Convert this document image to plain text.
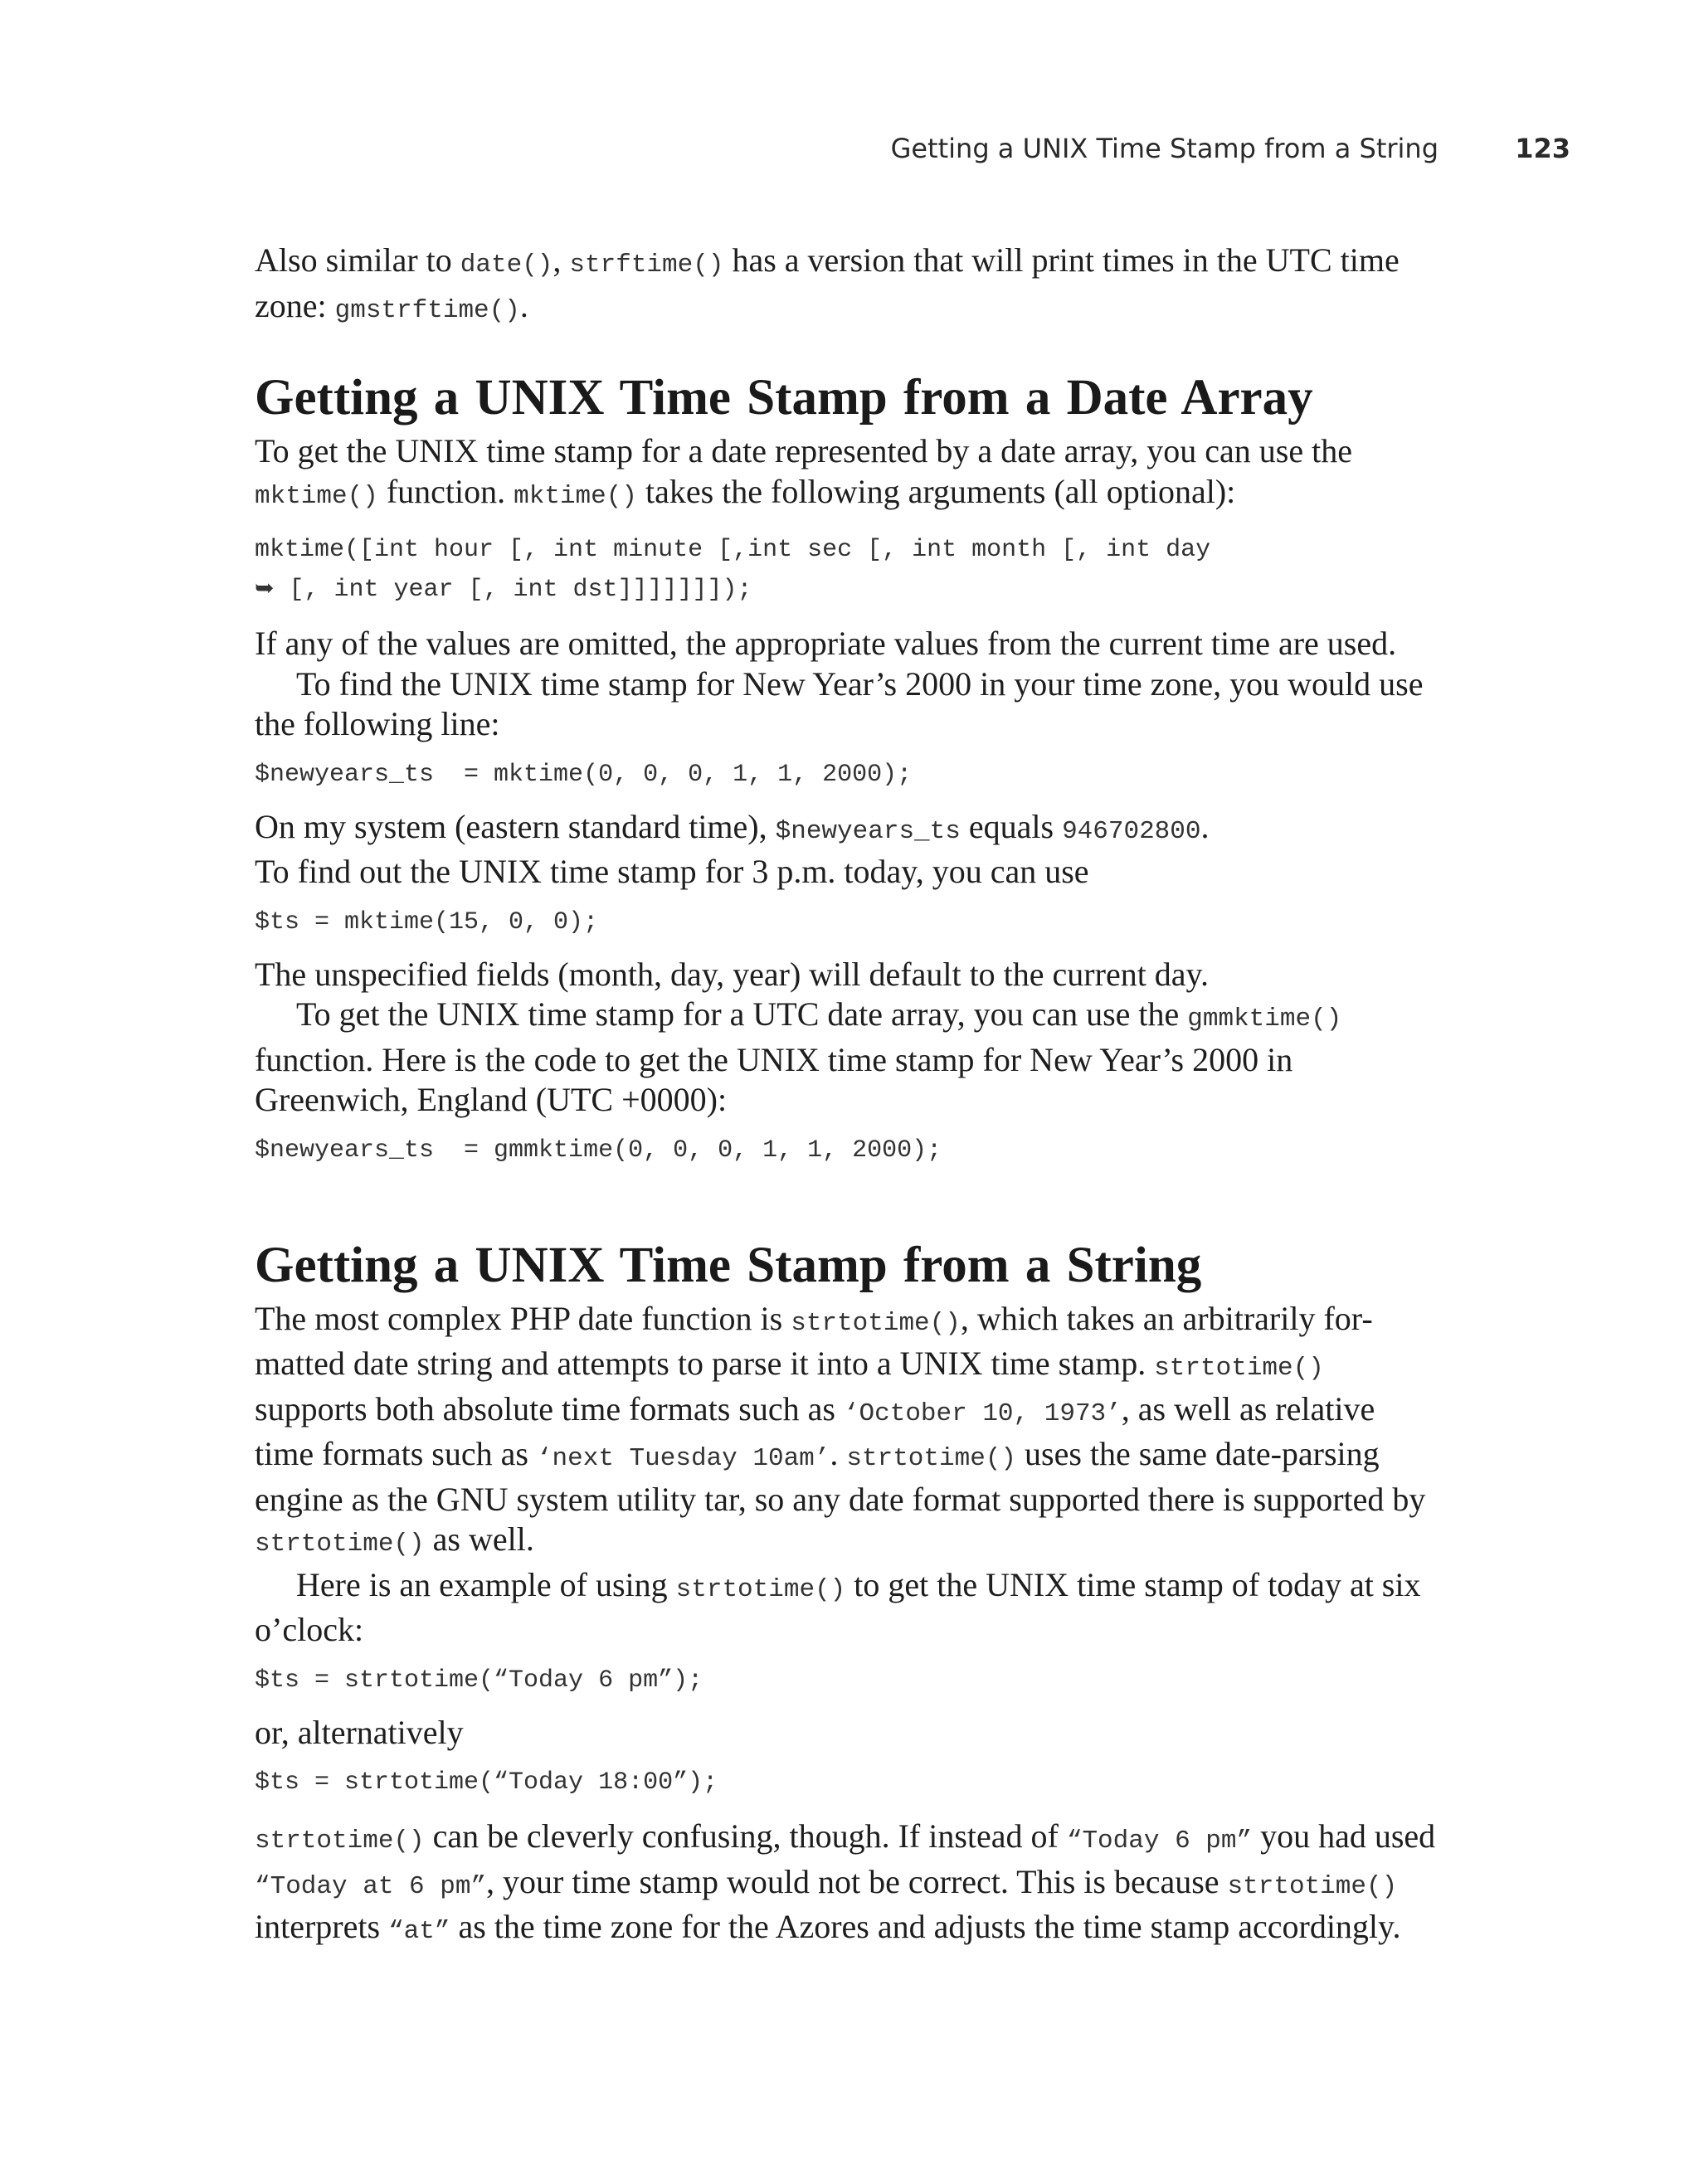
Getting a UNIX Time Stamp from a String	123

Also similar to date(), strftime() has a version that will print times in the UTC time zone: gmstrftime().

Getting a UNIX Time Stamp from a Date Array

To get the UNIX time stamp for a date represented by a date array, you can use the mktime() function. mktime() takes the following arguments (all optional):

mktime([int hour [, int minute [,int sec [, int month [, int day
➥ [, int year [, int dst]]]]]]]);

If any of the values are omitted, the appropriate values from the current time are used.

To find the UNIX time stamp for New Year’s 2000 in your time zone, you would use the following line:

$newyears_ts  = mktime(0, 0, 0, 1, 1, 2000);

On my system (eastern standard time), $newyears_ts equals 946702800.

To find out the UNIX time stamp for 3 p.m. today, you can use

$ts = mktime(15, 0, 0);

The unspecified fields (month, day, year) will default to the current day.

To get the UNIX time stamp for a UTC date array, you can use the gmmktime() function. Here is the code to get the UNIX time stamp for New Year’s 2000 in Greenwich, England (UTC +0000):

$newyears_ts  = gmmktime(0, 0, 0, 1, 1, 2000);
Getting a UNIX Time Stamp from a String

The most complex PHP date function is strtotime(), which takes an arbitrarily for-matted date string and attempts to parse it into a UNIX time stamp. strtotime() supports both absolute time formats such as ‘October 10, 1973’, as well as relative time formats such as ‘next Tuesday 10am’. strtotime() uses the same date-parsing engine as the GNU system utility tar, so any date format supported there is supported by strtotime() as well.

Here is an example of using strtotime() to get the UNIX time stamp of today at six o’clock:

$ts = strtotime(“Today 6 pm”);

or, alternatively

$ts = strtotime(“Today 18:00”);

strtotime() can be cleverly confusing, though. If instead of “Today 6 pm” you had used “Today at 6 pm”, your time stamp would not be correct. This is because strtotime() interprets “at” as the time zone for the Azores and adjusts the time stamp accordingly.
